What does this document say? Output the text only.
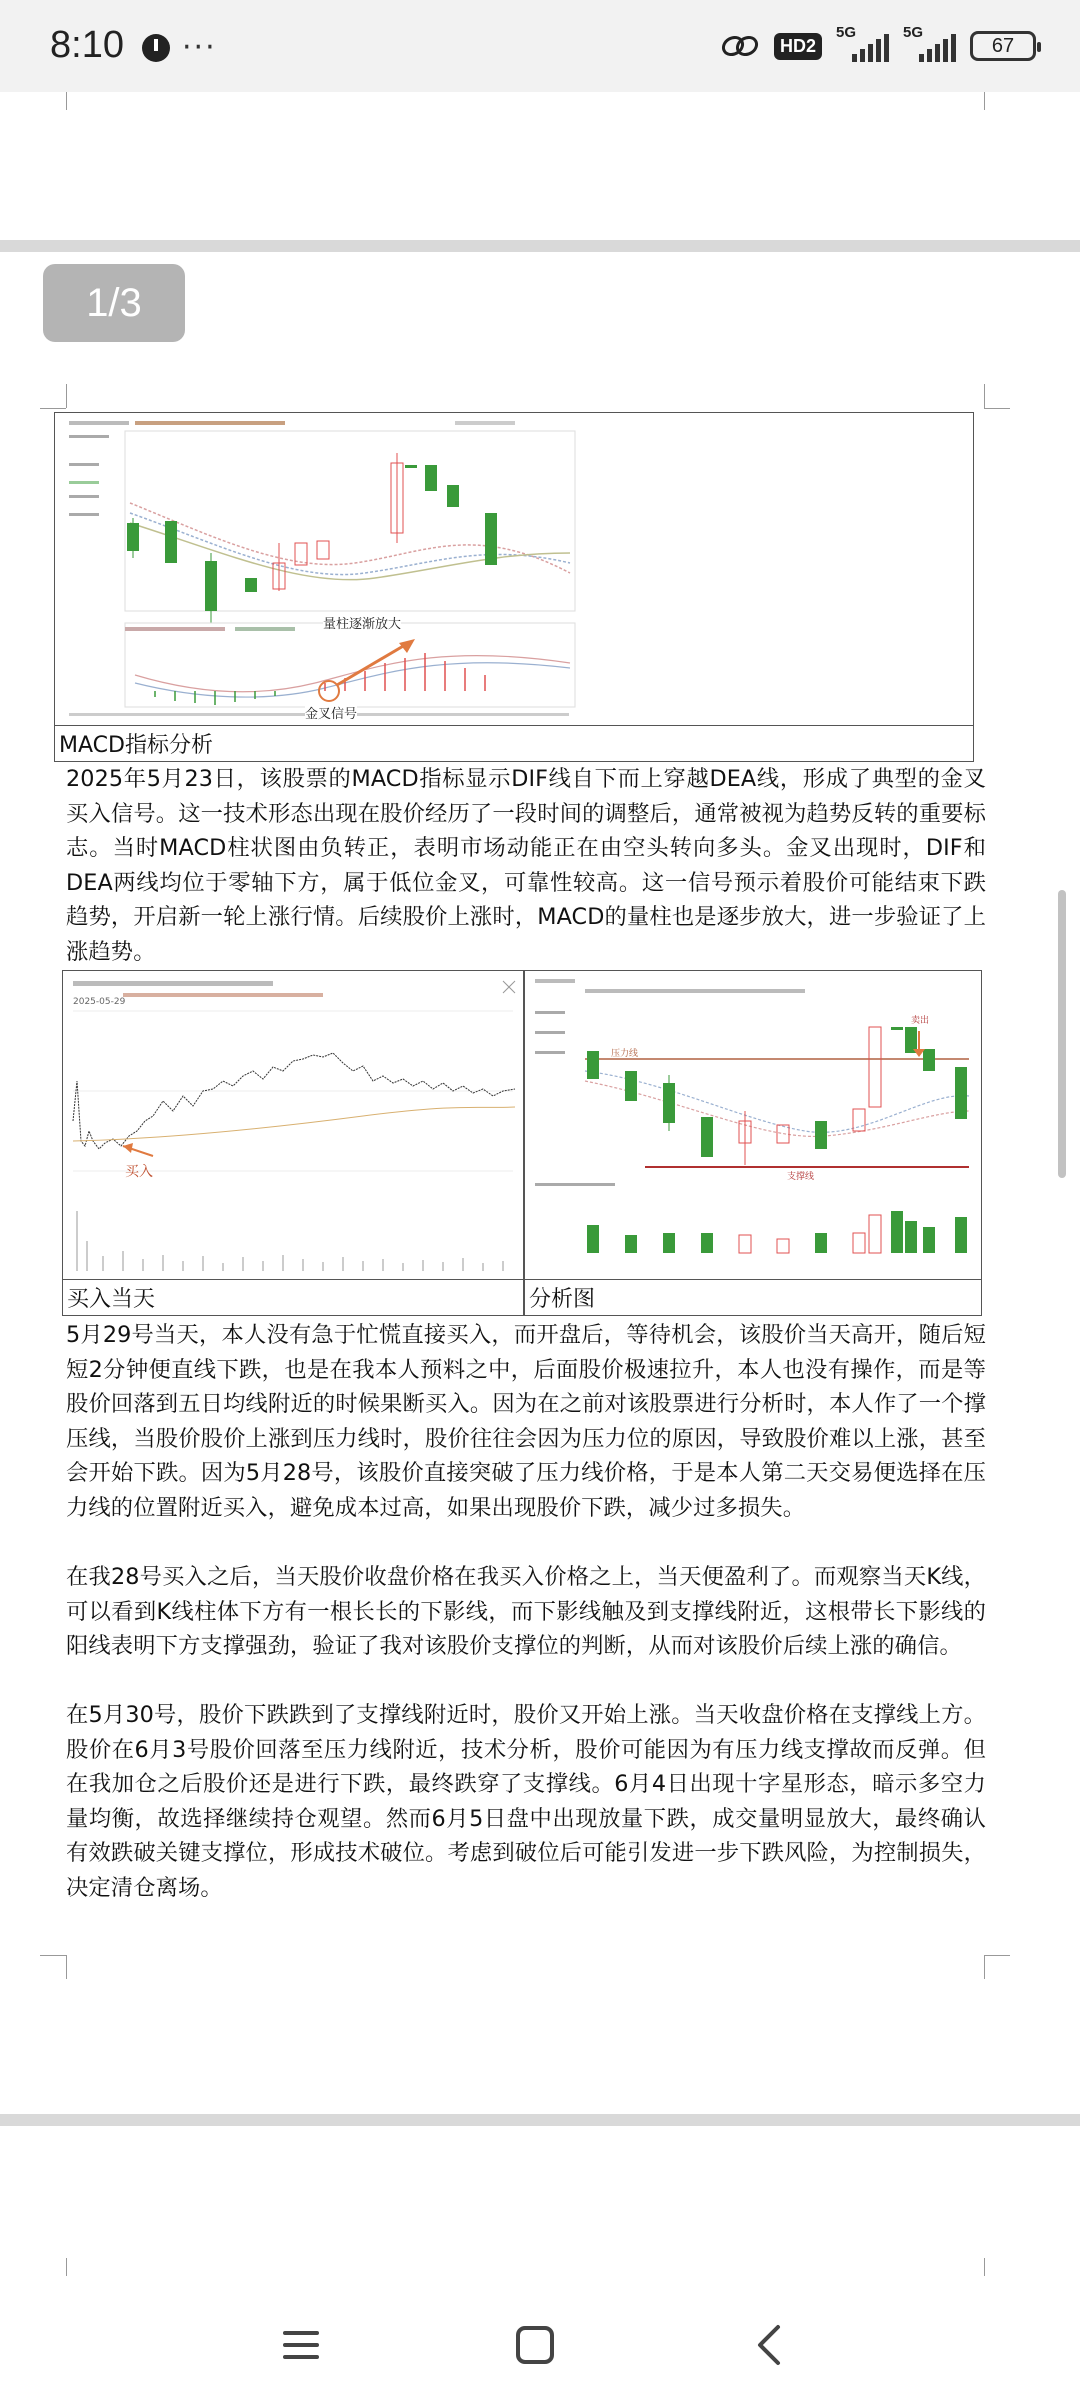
8:10 ···	HD2
5G	5G
67
1/3
量柱逐渐放大
金叉信号
MACD指标分析
2025年5月23日，该股票的MACD指标显示DIF线自下而上穿越DEA线，形成了典型的金叉买入信号。这一技术形态出现在股价经历了一段时间的调整后，通常被视为趋势反转的重要标志。当时MACD柱状图由负转正，表明市场动能正在由空头转向多头。金叉出现时，DIF和DEA两线均位于零轴下方，属于低位金叉，可靠性较高。这一信号预示着股价可能结束下跌趋势，开启新一轮上涨行情。后续股价上涨时，MACD的量柱也是逐步放大，进一步验证了上涨趋势。
2025-05-29
买入
压力线
支撑线
卖出
买入当天	分析图
5月29号当天，本人没有急于忙慌直接买入，而开盘后，等待机会，该股价当天高开，随后短短2分钟便直线下跌，也是在我本人预料之中，后面股价极速拉升，本人也没有操作，而是等股价回落到五日均线附近的时候果断买入。因为在之前对该股票进行分析时，本人作了一个撑压线，当股价股价上涨到压力线时，股价往往会因为压力位的原因，导致股价难以上涨，甚至会开始下跌。因为5月28号，该股价直接突破了压力线价格，于是本人第二天交易便选择在压力线的位置附近买入，避免成本过高，如果出现股价下跌，减少过多损失。
在我28号买入之后，当天股价收盘价格在我买入价格之上，当天便盈利了。而观察当天K线，可以看到K线柱体下方有一根长长的下影线，而下影线触及到支撑线附近，这根带长下影线的阳线表明下方支撑强劲，验证了我对该股价支撑位的判断，从而对该股价后续上涨的确信。
在5月30号，股价下跌跌到了支撑线附近时，股价又开始上涨。当天收盘价格在支撑线上方。股价在6月3号股价回落至压力线附近，技术分析，股价可能因为有压力线支撑故而反弹。但在我加仓之后股价还是进行下跌，最终跌穿了支撑线。6月4日出现十字星形态，暗示多空力量均衡，故选择继续持仓观望。然而6月5日盘中出现放量下跌，成交量明显放大，最终确认有效跌破关键支撑位，形成技术破位。考虑到破位后可能引发进一步下跌风险，为控制损失，决定清仓离场。
